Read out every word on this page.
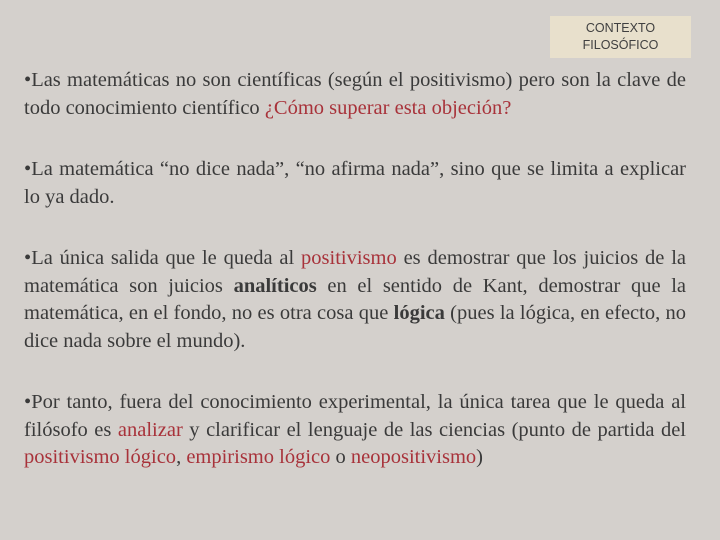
CONTEXTO
FILOSÓFICO

•Las matemáticas no son científicas (según el positivismo) pero son la clave de todo conocimiento científico ¿Cómo superar esta objeción?

•La matemática “no dice nada”, “no afirma nada”, sino que se limita a explicar lo ya dado.

•La única salida que le queda al positivismo es demostrar que los juicios de la matemática son juicios analíticos en el sentido de Kant, demostrar que la matemática, en el fondo, no es otra cosa que lógica (pues la lógica, en efecto, no dice nada sobre el mundo).

•Por tanto, fuera del conocimiento experimental, la única tarea que le queda al filósofo es analizar y clarificar el lenguaje de las ciencias (punto de partida del positivismo lógico, empirismo lógico o neopositivismo)
